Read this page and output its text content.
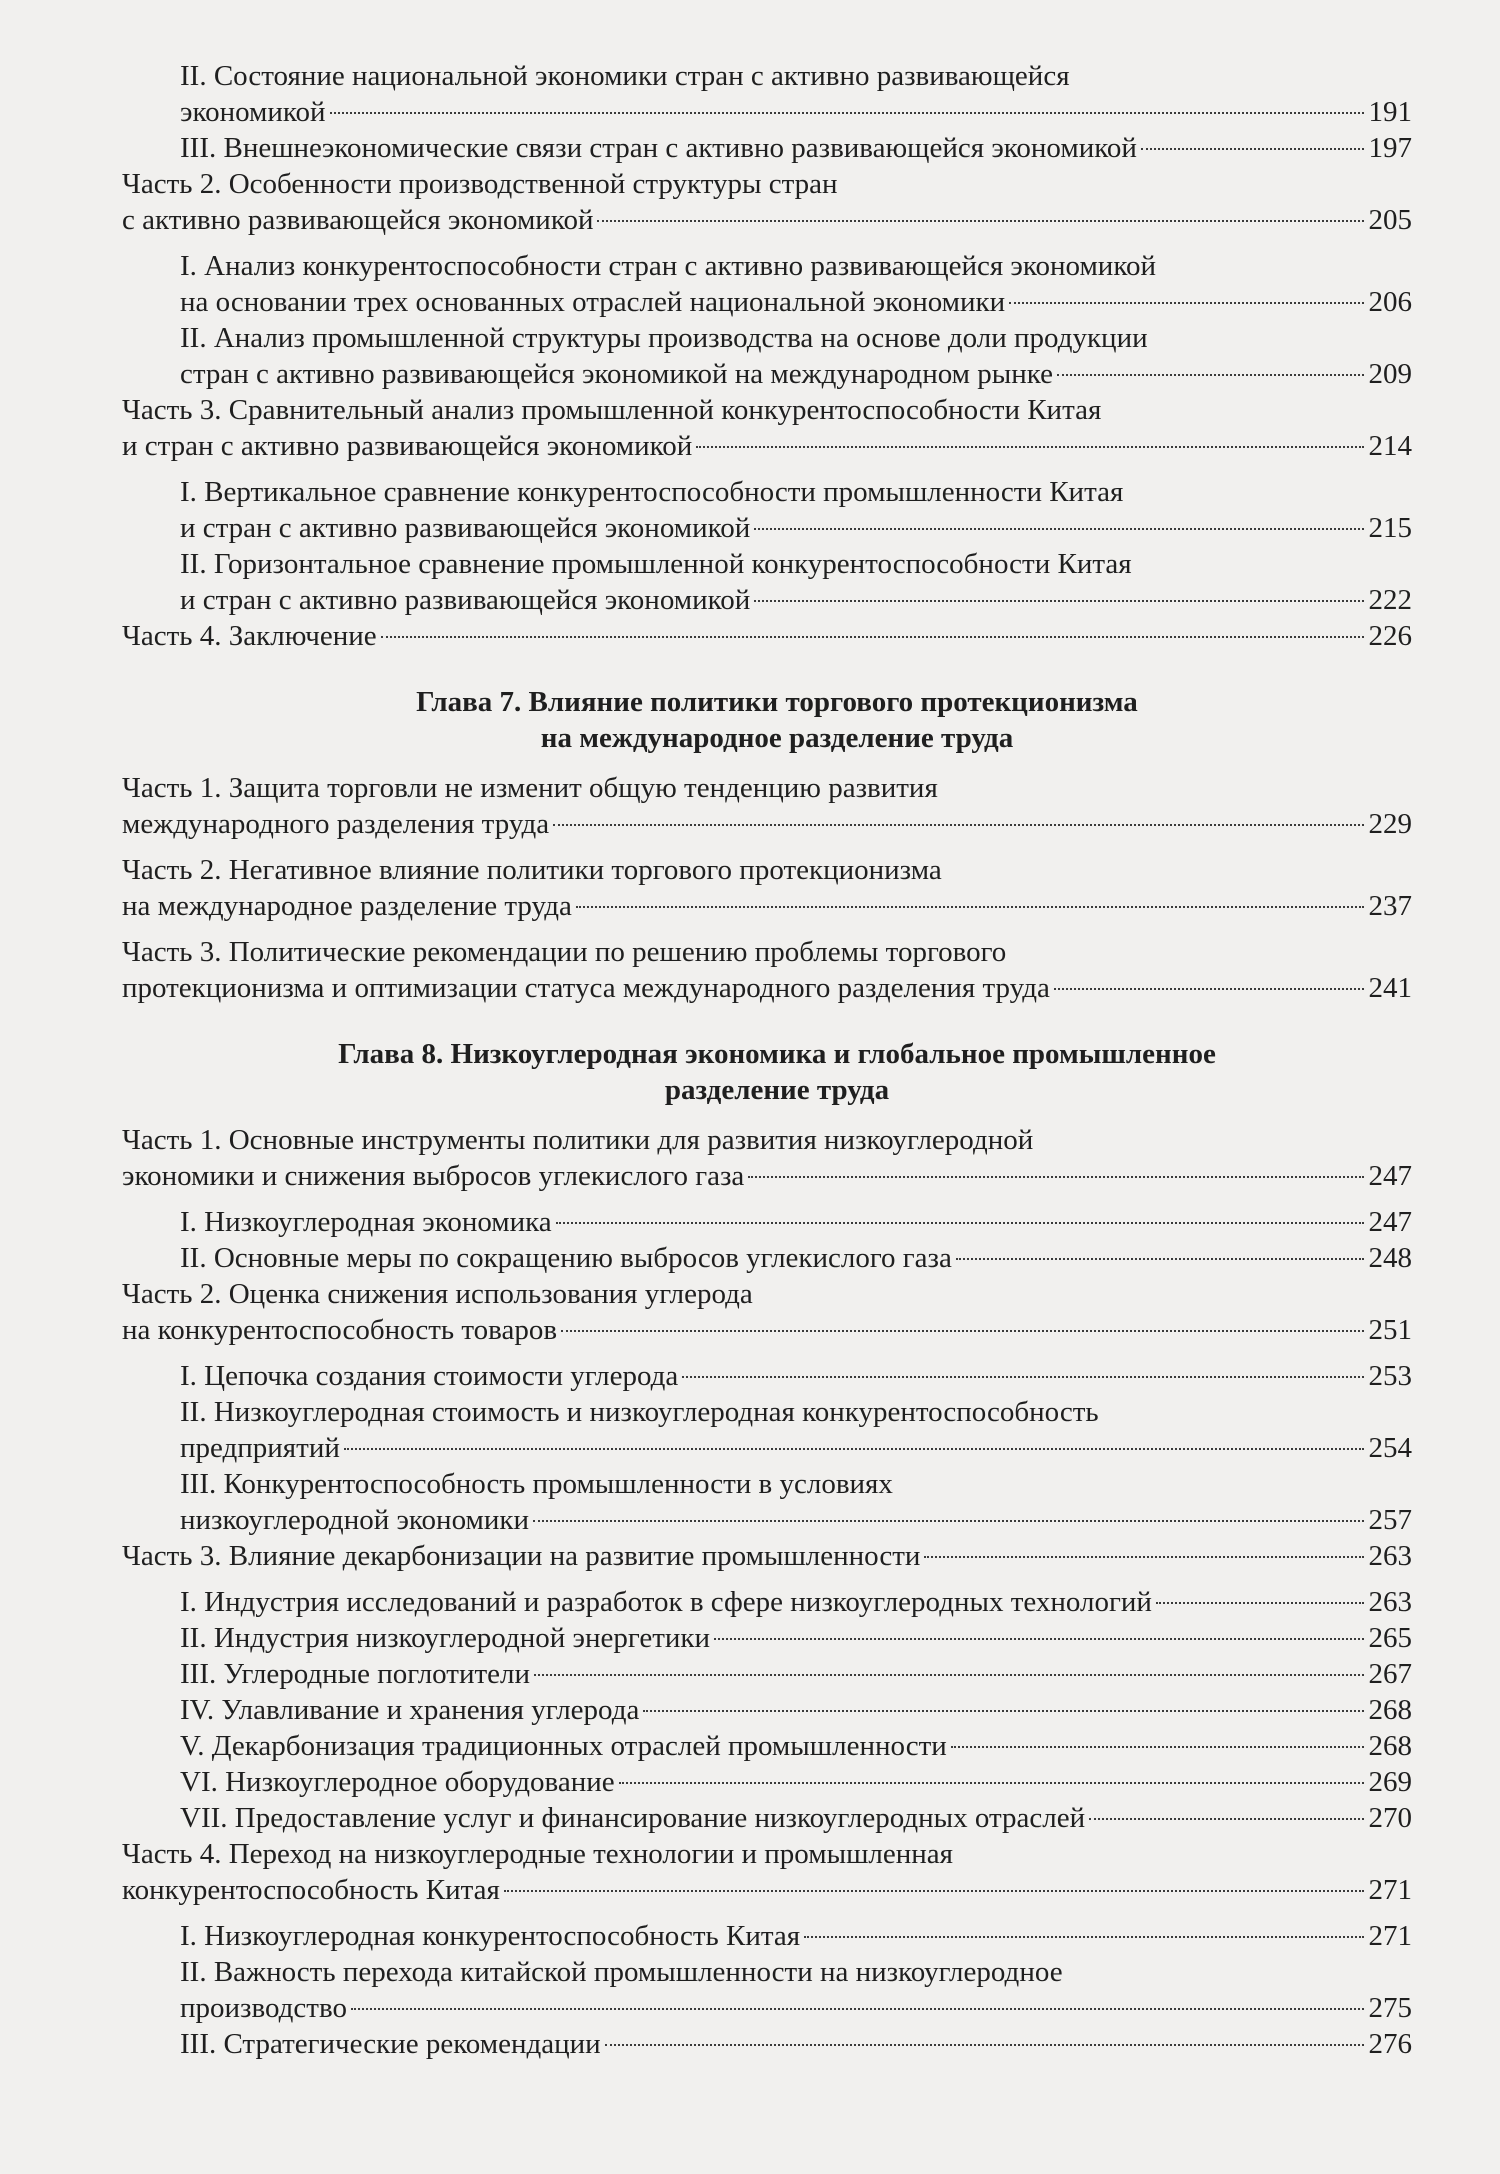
II. Состояние национальной экономики стран с активно развивающейся
экономикой	191
III. Внешнеэкономические связи стран с активно развивающейся экономикой	197
Часть 2. Особенности производственной структуры стран
с активно развивающейся экономикой	205
I. Анализ конкурентоспособности стран с активно развивающейся экономикой
на основании трех основанных отраслей национальной экономики	206
II. Анализ промышленной структуры производства на основе доли продукции
стран с активно развивающейся экономикой на международном рынке	209
Часть 3. Сравнительный анализ промышленной конкурентоспособности Китая
и стран с активно развивающейся экономикой	214
I. Вертикальное сравнение конкурентоспособности промышленности Китая
и стран с активно развивающейся экономикой	215
II. Горизонтальное сравнение промышленной конкурентоспособности Китая
и стран с активно развивающейся экономикой	222
Часть 4. Заключение	226
Глава 7. Влияние политики торгового протекционизма
на международное разделение труда
Часть 1. Защита торговли не изменит общую тенденцию развития
международного разделения труда	229
Часть 2. Негативное влияние политики торгового протекционизма
на международное разделение труда	237
Часть 3. Политические рекомендации по решению проблемы торгового
протекционизма и оптимизации статуса международного разделения труда	241
Глава 8. Низкоуглеродная экономика и глобальное промышленное
разделение труда
Часть 1. Основные инструменты политики для развития низкоуглеродной
экономики и снижения выбросов углекислого газа	247
I. Низкоуглеродная экономика	247
II. Основные меры по сокращению выбросов углекислого газа	248
Часть 2. Оценка снижения использования углерода
на конкурентоспособность товаров	251
I. Цепочка создания стоимости углерода	253
II. Низкоуглеродная стоимость и низкоуглеродная конкурентоспособность
предприятий	254
III. Конкурентоспособность промышленности в условиях
низкоуглеродной экономики	257
Часть 3. Влияние декарбонизации на развитие промышленности	263
I. Индустрия исследований и разработок в сфере низкоуглеродных технологий	263
II. Индустрия низкоуглеродной энергетики	265
III. Углеродные поглотители	267
IV. Улавливание и хранения углерода	268
V. Декарбонизация традиционных отраслей промышленности	268
VI. Низкоуглеродное оборудование	269
VII. Предоставление услуг и финансирование низкоуглеродных отраслей	270
Часть 4. Переход на низкоуглеродные технологии и промышленная
конкурентоспособность Китая	271
I. Низкоуглеродная конкурентоспособность Китая	271
II. Важность перехода китайской промышленности на низкоуглеродное
производство	275
III. Стратегические рекомендации	276
